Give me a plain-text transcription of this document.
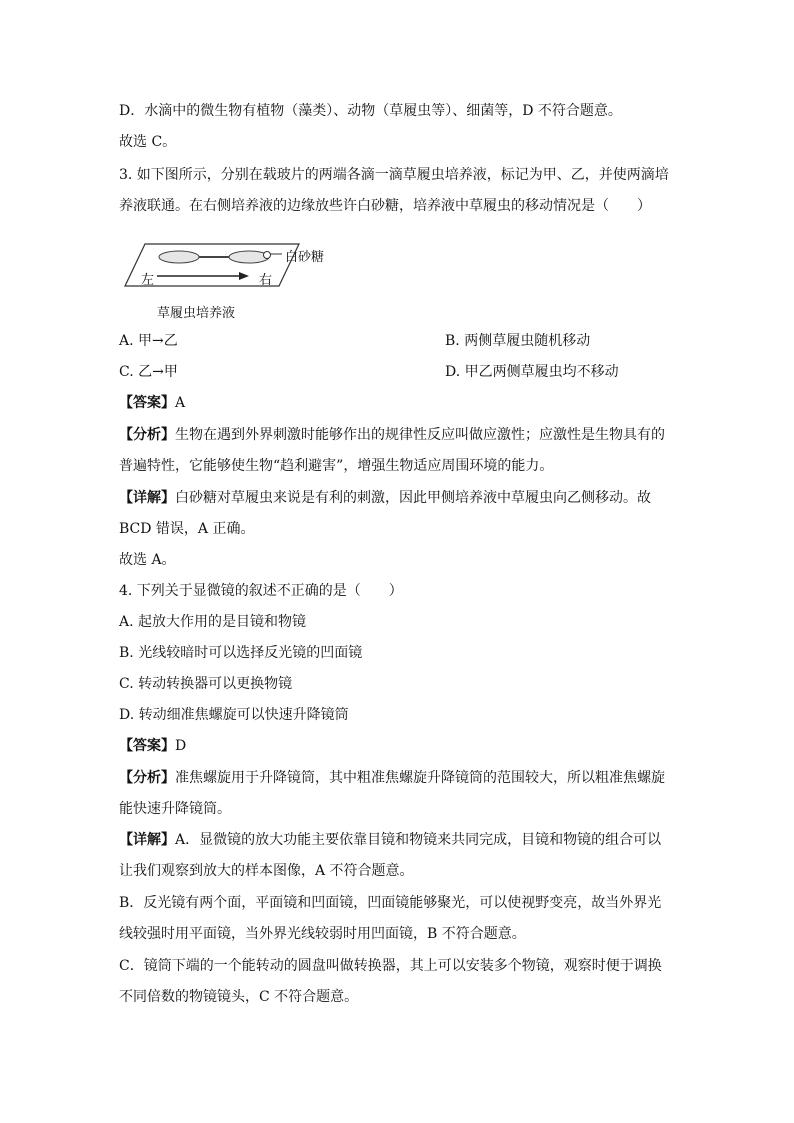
D．水滴中的微生物有植物（藻类）、动物（草履虫等）、细菌等，D 不符合题意。

故选 C。

3. 如下图所示，分别在载玻片的两端各滴一滴草履虫培养液，标记为甲、乙，并使两滴培

养液联通。在右侧培养液的边缘放些许白砂糖，培养液中草履虫的移动情况是（　　）

白砂糖
左	右
草履虫培养液
A. 甲→乙	B. 两侧草履虫随机移动
C. 乙→甲	D. 甲乙两侧草履虫均不移动

【答案】A

【分析】生物在遇到外界刺激时能够作出的规律性反应叫做应激性；应激性是生物具有的

普遍特性，它能够使生物“趋利避害”，增强生物适应周围环境的能力。

【详解】白砂糖对草履虫来说是有利的刺激，因此甲侧培养液中草履虫向乙侧移动。故

BCD 错误，A 正确。

故选 A。

4. 下列关于显微镜的叙述不正确的是（　　）

A. 起放大作用的是目镜和物镜

B. 光线较暗时可以选择反光镜的凹面镜

C. 转动转换器可以更换物镜

D. 转动细准焦螺旋可以快速升降镜筒

【答案】D

【分析】准焦螺旋用于升降镜筒，其中粗准焦螺旋升降镜筒的范围较大，所以粗准焦螺旋

能快速升降镜筒。

【详解】A．显微镜的放大功能主要依靠目镜和物镜来共同完成，目镜和物镜的组合可以

让我们观察到放大的样本图像，A 不符合题意。

B．反光镜有两个面，平面镜和凹面镜，凹面镜能够聚光，可以使视野变亮，故当外界光

线较强时用平面镜，当外界光线较弱时用凹面镜，B 不符合题意。

C．镜筒下端的一个能转动的圆盘叫做转换器，其上可以安装多个物镜，观察时便于调换

不同倍数的物镜镜头，C 不符合题意。
